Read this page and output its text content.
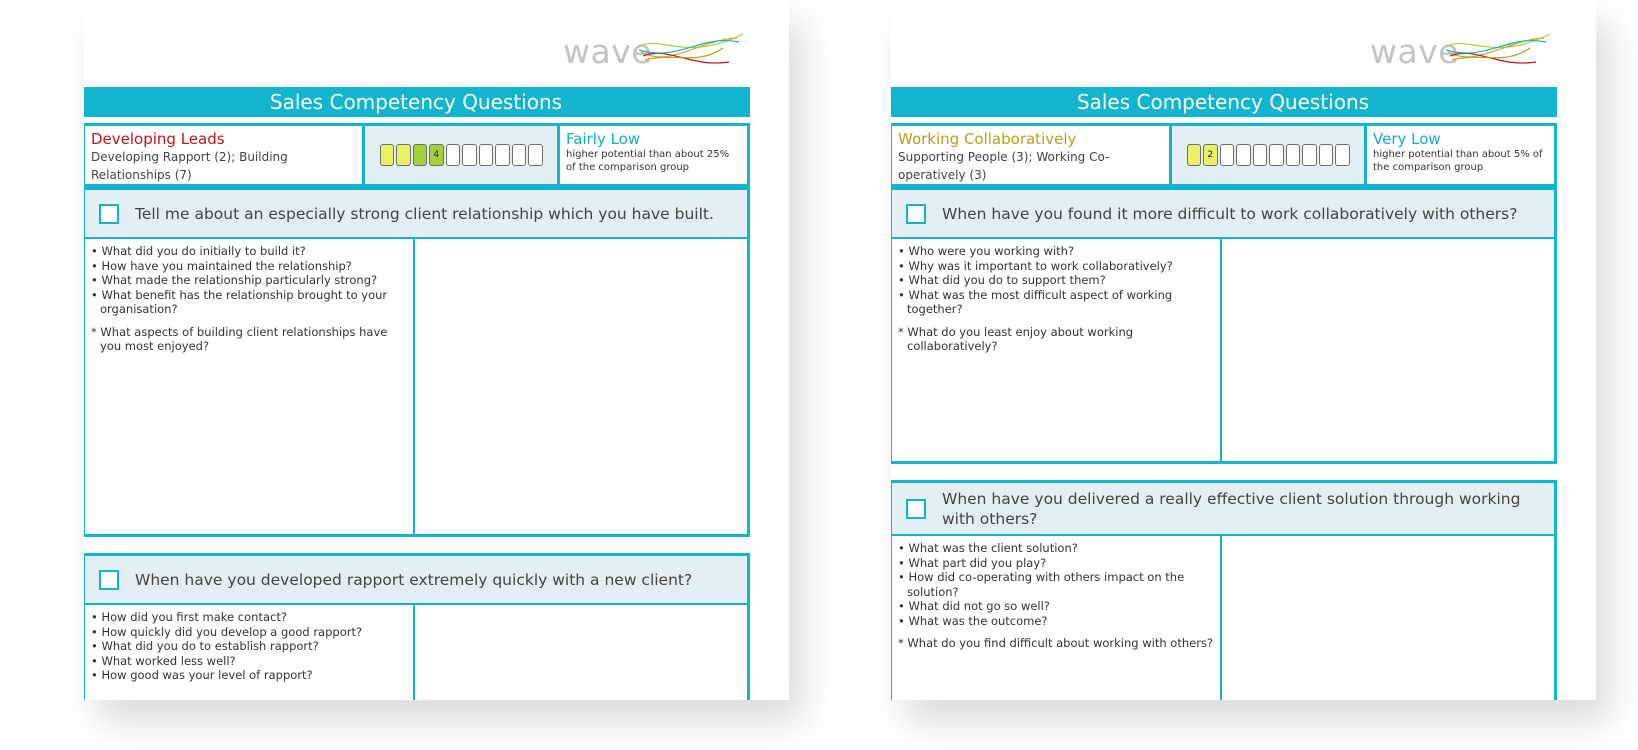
wave
Sales Competency Questions
Developing Leads
Developing Rapport (2); Building Relationships (7)
4
Fairly Low
higher potential than about 25% of the comparison group
Tell me about an especially strong client relationship which you have built.
• What did you do initially to build it?
• How have you maintained the relationship?
• What made the relationship particularly strong?
• What benefit has the relationship brought to your organisation?
* What aspects of building client relationships have you most enjoyed?
When have you developed rapport extremely quickly with a new client?
• How did you first make contact?
• How quickly did you develop a good rapport?
• What did you do to establish rapport?
• What worked less well?
• How good was your level of rapport?
wave
Sales Competency Questions
Working Collaboratively
Supporting People (3); Working Co-operatively (3)
2
Very Low
higher potential than about 5% of the comparison group
When have you found it more difficult to work collaboratively with others?
• Who were you working with?
• Why was it important to work collaboratively?
• What did you do to support them?
• What was the most difficult aspect of working together?
* What do you least enjoy about working collaboratively?
When have you delivered a really effective client solution through working with others?
• What was the client solution?
• What part did you play?
• How did co-operating with others impact on the solution?
• What did not go so well?
• What was the outcome?
* What do you find difficult about working with others?
